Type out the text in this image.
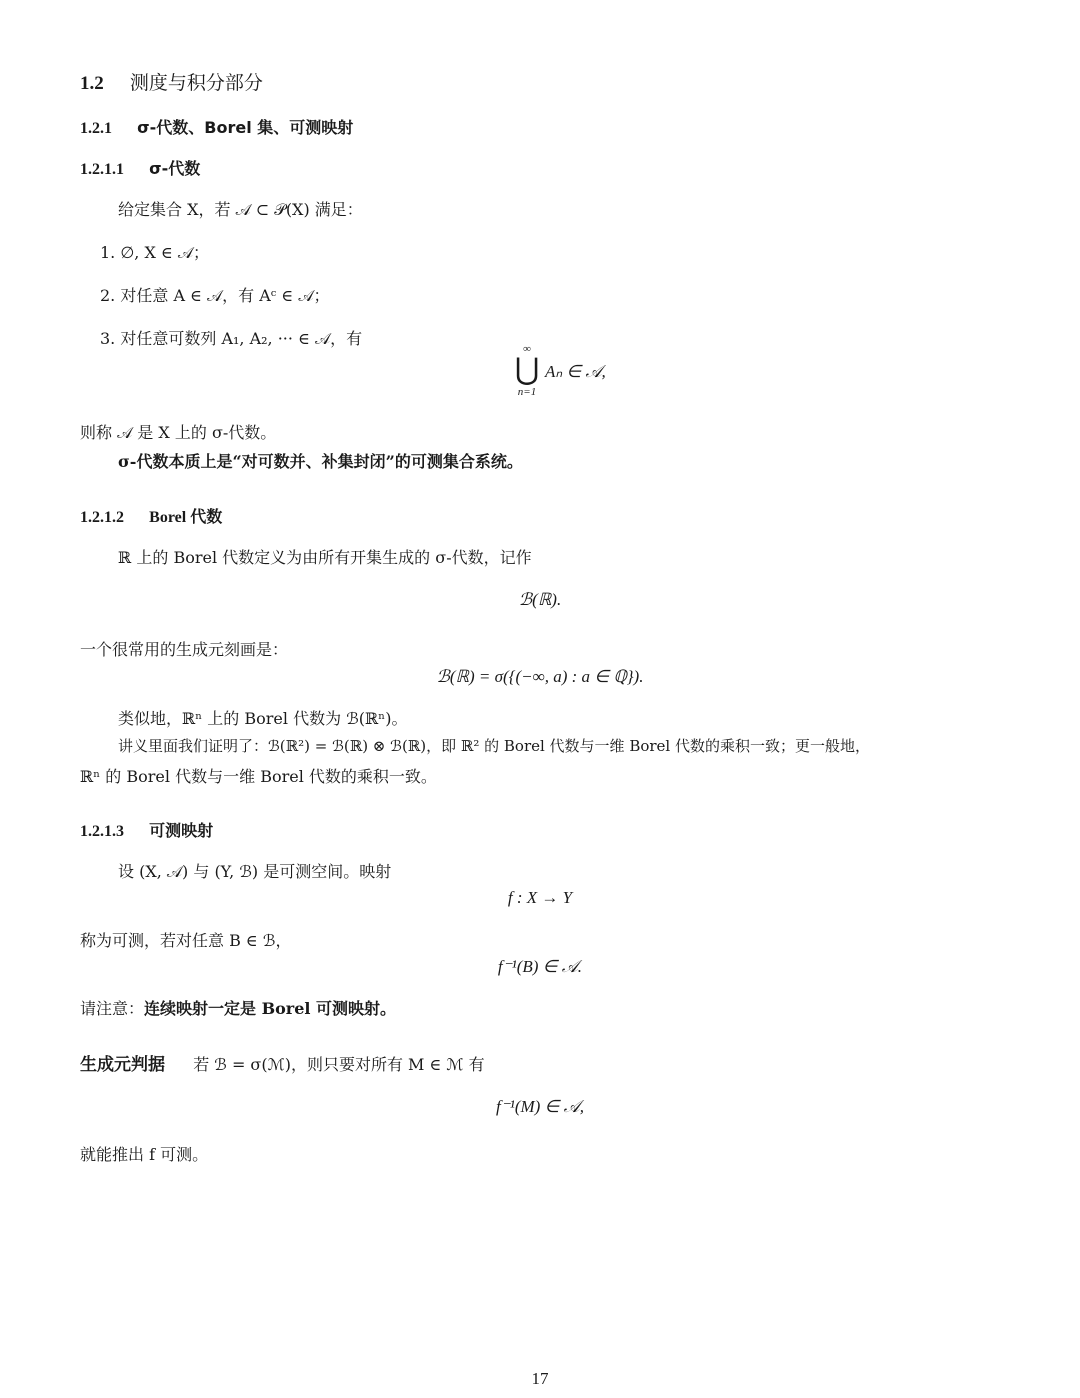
1.2 测度与积分部分
1.2.1 σ-代数、Borel 集、可测映射
1.2.1.1 σ-代数
给定集合 X，若 𝒜 ⊂ 𝒫(X) 满足：
1. ∅, X ∈ 𝒜；
2. 对任意 A ∈ 𝒜，有 Aᶜ ∈ 𝒜；
3. 对任意可数列 A₁, A₂, ··· ∈ 𝒜，有
∞
⋃
n=1
Aₙ ∈ 𝒜,
则称 𝒜 是 X 上的 σ-代数。
σ-代数本质上是“对可数并、补集封闭”的可测集合系统。
1.2.1.2 Borel 代数
ℝ 上的 Borel 代数定义为由所有开集生成的 σ-代数，记作
ℬ(ℝ).
一个很常用的生成元刻画是：
ℬ(ℝ) = σ({(−∞, a) : a ∈ ℚ}).
类似地，ℝⁿ 上的 Borel 代数为 ℬ(ℝⁿ)。
讲义里面我们证明了：ℬ(ℝ²) = ℬ(ℝ) ⊗ ℬ(ℝ)，即 ℝ² 的 Borel 代数与一维 Borel 代数的乘积一致；更一般地，
ℝⁿ 的 Borel 代数与一维 Borel 代数的乘积一致。
1.2.1.3 可测映射
设 (X, 𝒜) 与 (Y, ℬ) 是可测空间。映射
f : X → Y
称为可测，若对任意 B ∈ ℬ，
f⁻¹(B) ∈ 𝒜.
请注意：连续映射一定是 Borel 可测映射。
生成元判据 若 ℬ = σ(ℳ)，则只要对所有 M ∈ ℳ 有
f⁻¹(M) ∈ 𝒜,
就能推出 f 可测。
17
